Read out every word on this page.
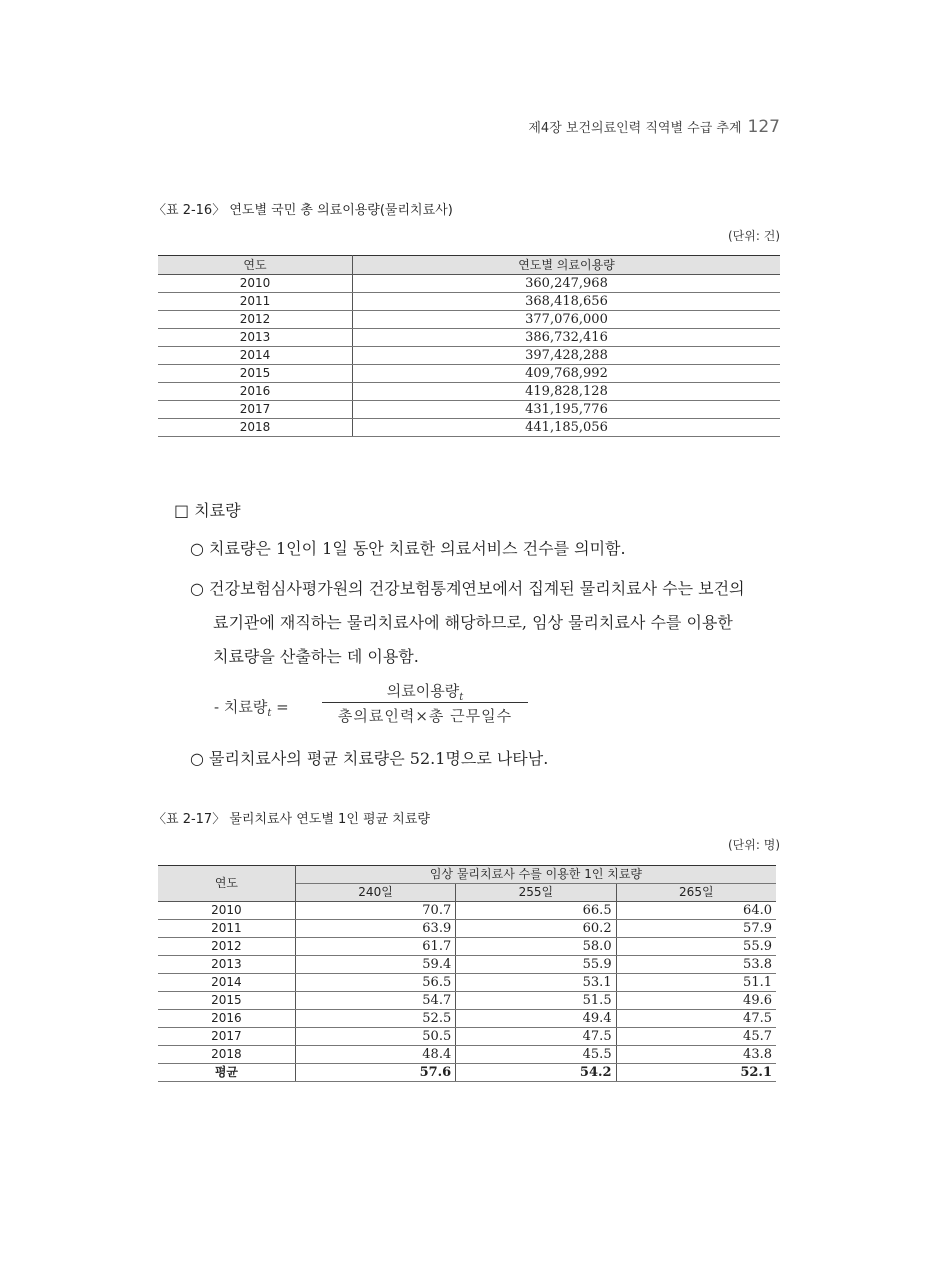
제4장 보건의료인력 직역별 수급 추계 127
〈표 2-16〉 연도별 국민 총 의료이용량(물리치료사)
(단위: 건)
연도	연도별 의료이용량
2010	360,247,968
2011	368,418,656
2012	377,076,000
2013	386,732,416
2014	397,428,288
2015	409,768,992
2016	419,828,128
2017	431,195,776
2018	441,185,056
□ 치료량
○ 치료량은 1인이 1일 동안 치료한 의료서비스 건수를 의미함.
○ 건강보험심사평가원의 건강보험통계연보에서 집계된 물리치료사 수는 보건의
료기관에 재직하는 물리치료사에 해당하므로, 임상 물리치료사 수를 이용한
치료량을 산출하는 데 이용함.
- 치료량$_t$ =
의료이용량$_t$
총의료인력×총 근무일수
○ 물리치료사의 평균 치료량은 52.1명으로 나타남.
〈표 2-17〉 물리치료사 연도별 1인 평균 치료량
(단위: 명)
연도	임상 물리치료사 수를 이용한 1인 치료량		
	240일	255일	265일
2010	70.7	66.5	64.0
2011	63.9	60.2	57.9
2012	61.7	58.0	55.9
2013	59.4	55.9	53.8
2014	56.5	53.1	51.1
2015	54.7	51.5	49.6
2016	52.5	49.4	47.5
2017	50.5	47.5	45.7
2018	48.4	45.5	43.8
평균	57.6	54.2	52.1
